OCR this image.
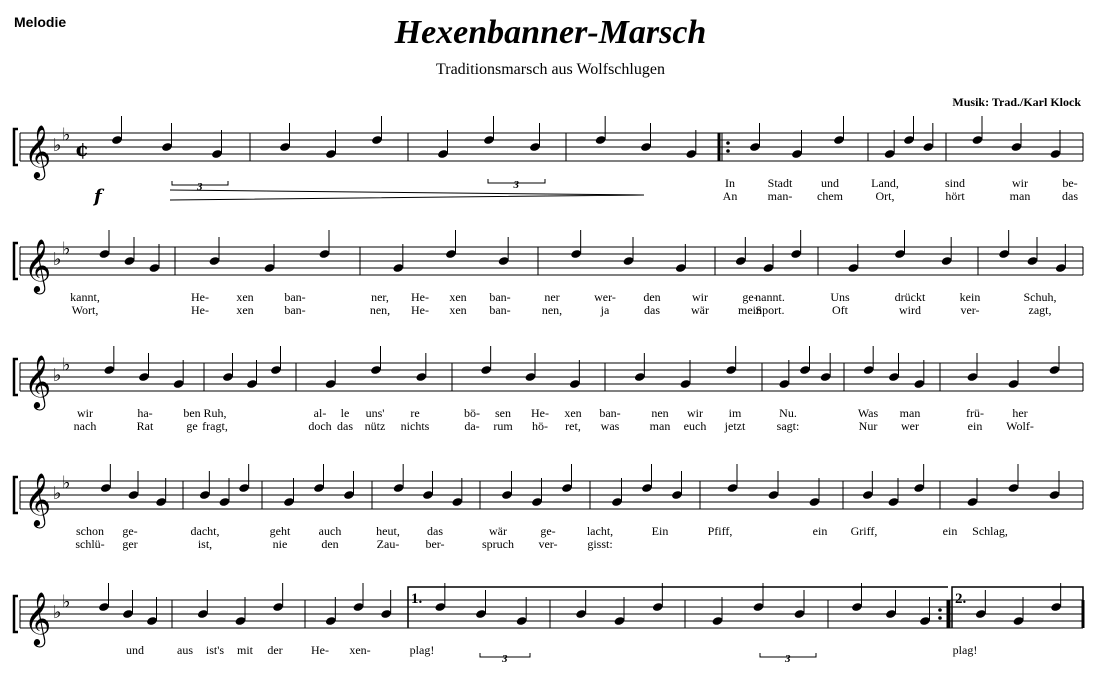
Melodie	Hexenbanner-Marsch
Traditionsmarsch aus Wolfschlugen
Musik: Trad./Karl Klock
𝄞 ♭ ♭
𝄞 ♭ ♭
𝄞 ♭ ♭
𝄞 ♭ ♭
𝄞 ♭ ♭
¢
f	3	3
3	3
1.	2.
In	Stadt und	Land,	sind	wir	be-
An	man- chem	Ort,	hört	man	das
kannt,	He- xen	ban-	ner, He- xen ban-	ner	wer- den	wir	ge-
nannt.	Uns	drückt	kein	Schuh,
Wort,	He- xen	ban-	nen, He- xen ban-	nen,	ja	das	wär mein
Sport.	Oft	wird	ver-	zagt,
wir	ha-	ben Ruh,	al- le uns' re	bö- sen He- xen ban-	nen wir im	Nu.	Was man	frü- her
nach	Rat	ge fragt,	doch das nütz nichts	da- rum hö- ret, was	man euch jetzt	sagt:	Nur wer	ein Wolf-
schon ge-	dacht,	geht auch	heut, das	wär	ge-	lacht,	Ein	Pfiff,	ein Griff,	ein Schlag,
schlü- ger	ist,	nie	den	Zau- ber-	spruch ver- gisst:
und	aus ist's mit der He- xen-	plag!	plag!
